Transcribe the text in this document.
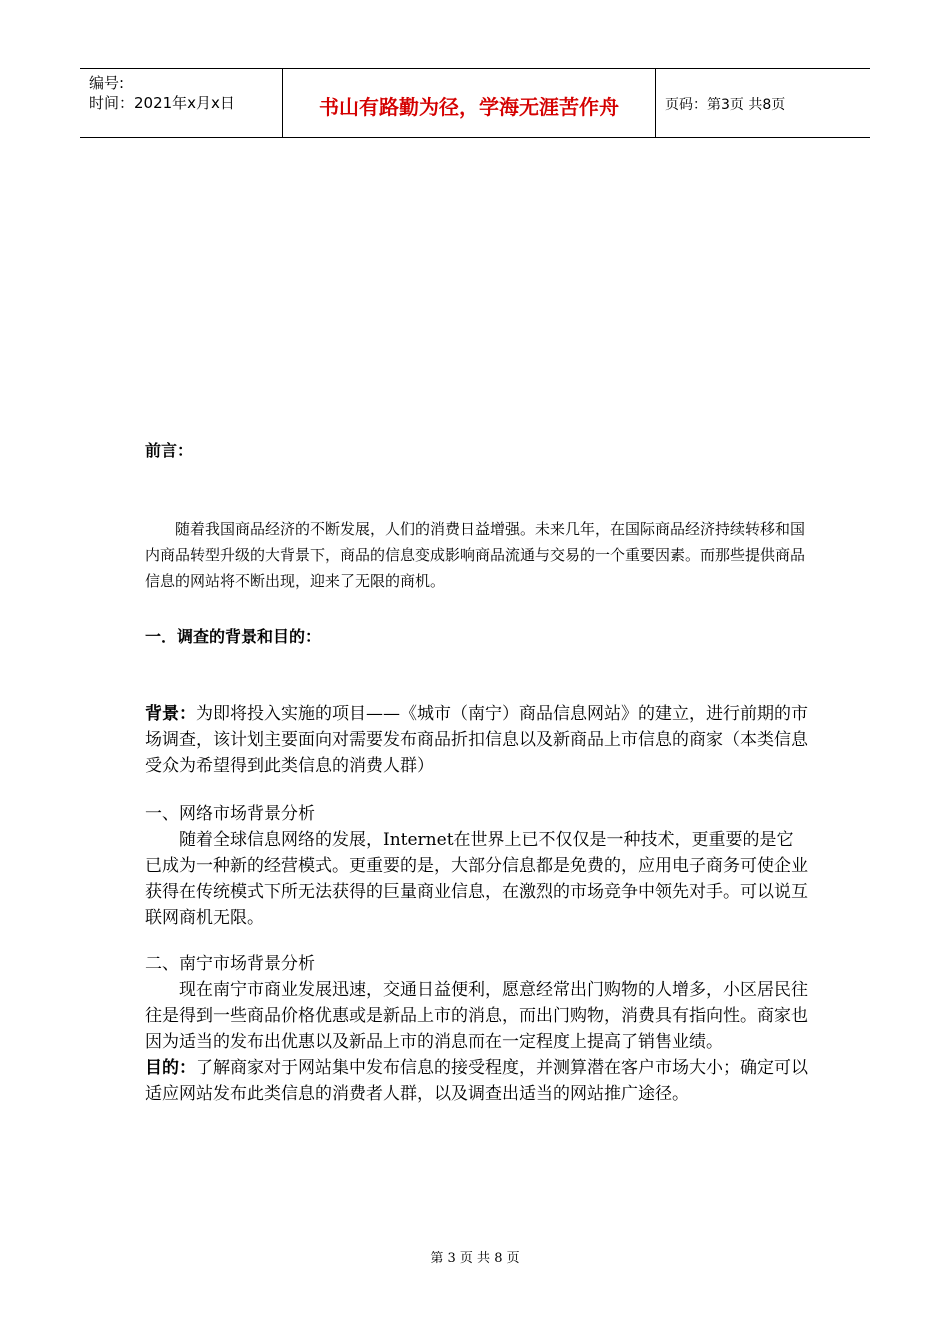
编号:
时间：2021年x月x日	书山有路勤为径，学海无涯苦作舟	页码：第3页 共8页
前言：

随着我国商品经济的不断发展，人们的消费日益增强。未来几年，在国际商品经济持续转移和国内商品转型升级的大背景下，商品的信息变成影响商品流通与交易的一个重要因素。而那些提供商品信息的网站将不断出现，迎来了无限的商机。

一．调查的背景和目的：

背景：为即将投入实施的项目——《城市（南宁）商品信息网站》的建立，进行前期的市场调查，该计划主要面向对需要发布商品折扣信息以及新商品上市信息的商家（本类信息受众为希望得到此类信息的消费人群）

一、网络市场背景分析

随着全球信息网络的发展，Internet在世界上已不仅仅是一种技术，更重要的是它已成为一种新的经营模式。更重要的是，大部分信息都是免费的，应用电子商务可使企业获得在传统模式下所无法获得的巨量商业信息，在激烈的市场竞争中领先对手。可以说互联网商机无限。

二、南宁市场背景分析

现在南宁市商业发展迅速，交通日益便利，愿意经常出门购物的人增多，小区居民往往是得到一些商品价格优惠或是新品上市的消息，而出门购物，消费具有指向性。商家也因为适当的发布出优惠以及新品上市的消息而在一定程度上提高了销售业绩。

目的：了解商家对于网站集中发布信息的接受程度，并测算潜在客户市场大小；确定可以适应网站发布此类信息的消费者人群，以及调查出适当的网站推广途径。

第 3 页 共 8 页
